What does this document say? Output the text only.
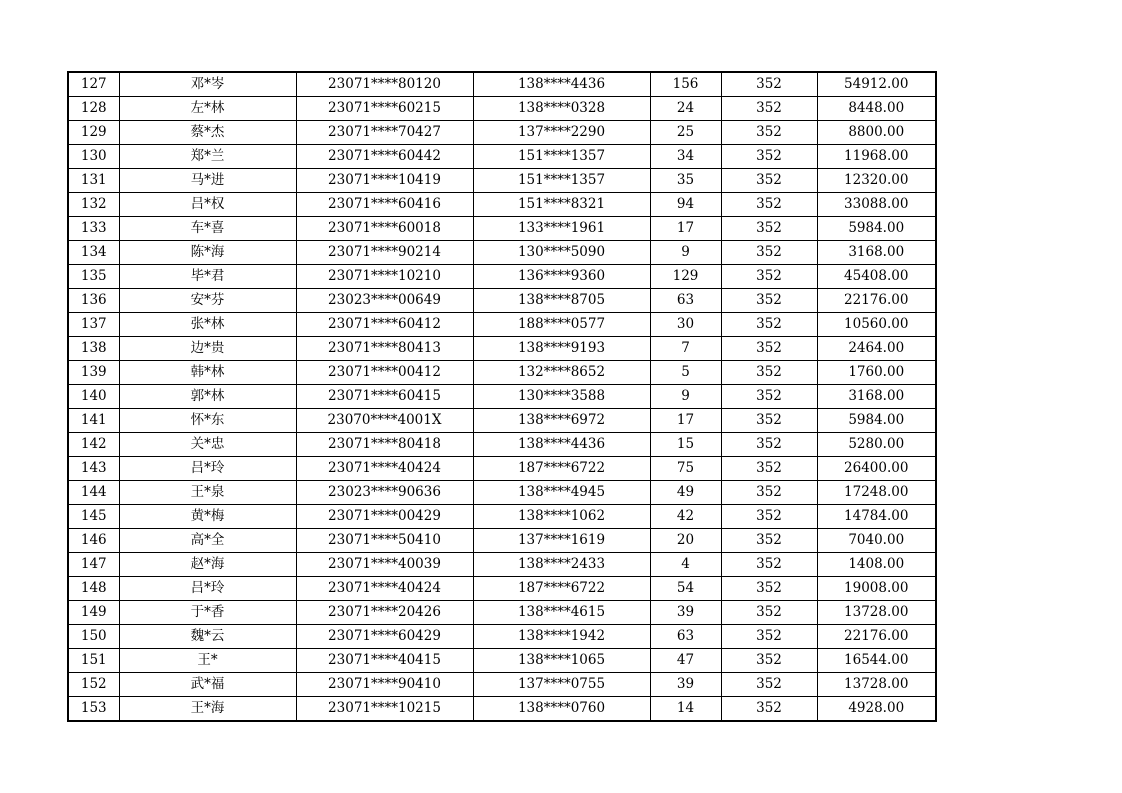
127	邓*岑	23071****80120	138****4436	156	352	54912.00
128	左*林	23071****60215	138****0328	24	352	8448.00
129	蔡*杰	23071****70427	137****2290	25	352	8800.00
130	郑*兰	23071****60442	151****1357	34	352	11968.00
131	马*进	23071****10419	151****1357	35	352	12320.00
132	吕*权	23071****60416	151****8321	94	352	33088.00
133	车*喜	23071****60018	133****1961	17	352	5984.00
134	陈*海	23071****90214	130****5090	9	352	3168.00
135	毕*君	23071****10210	136****9360	129	352	45408.00
136	安*芬	23023****00649	138****8705	63	352	22176.00
137	张*林	23071****60412	188****0577	30	352	10560.00
138	边*贵	23071****80413	138****9193	7	352	2464.00
139	韩*林	23071****00412	132****8652	5	352	1760.00
140	郭*林	23071****60415	130****3588	9	352	3168.00
141	怀*东	23070****4001X	138****6972	17	352	5984.00
142	关*忠	23071****80418	138****4436	15	352	5280.00
143	吕*玲	23071****40424	187****6722	75	352	26400.00
144	王*泉	23023****90636	138****4945	49	352	17248.00
145	黄*梅	23071****00429	138****1062	42	352	14784.00
146	高*全	23071****50410	137****1619	20	352	7040.00
147	赵*海	23071****40039	138****2433	4	352	1408.00
148	吕*玲	23071****40424	187****6722	54	352	19008.00
149	于*香	23071****20426	138****4615	39	352	13728.00
150	魏*云	23071****60429	138****1942	63	352	22176.00
151	王*	23071****40415	138****1065	47	352	16544.00
152	武*福	23071****90410	137****0755	39	352	13728.00
153	王*海	23071****10215	138****0760	14	352	4928.00
